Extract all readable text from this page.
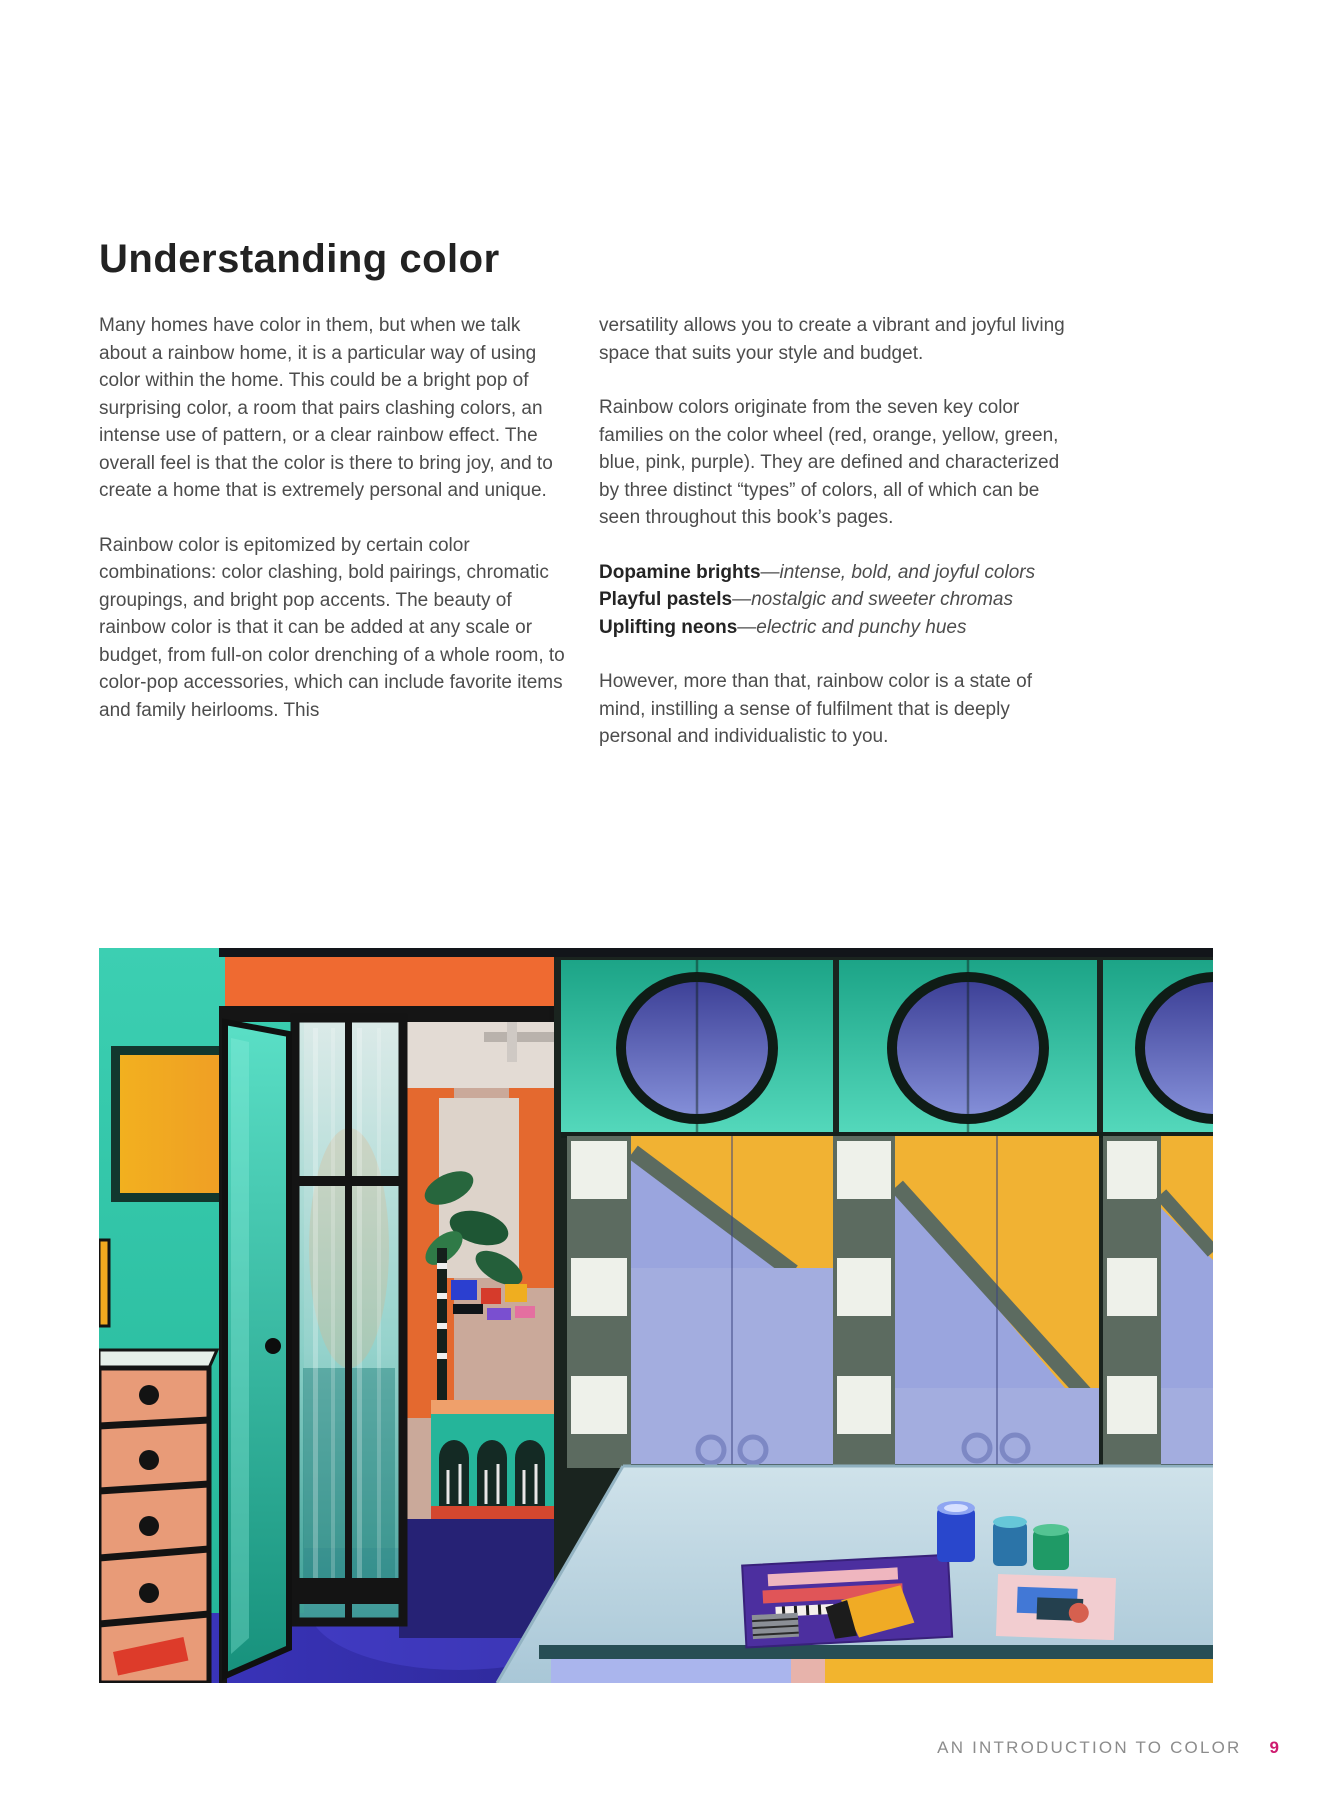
Understanding color

Many homes have color in them, but when we talk about a rainbow home, it is a particular way of using color within the home. This could be a bright pop of surprising color, a room that pairs clashing colors, an intense use of pattern, or a clear rainbow effect. The overall feel is that the color is there to bring joy, and to create a home that is extremely personal and unique.

Rainbow color is epitomized by certain color combinations: color clashing, bold pairings, chromatic groupings, and bright pop accents. The beauty of rainbow color is that it can be added at any scale or budget, from full-on color drenching of a whole room, to color-pop accessories, which can include favorite items and family heirlooms. This

versatility allows you to create a vibrant and joyful living space that suits your style and budget.

Rainbow colors originate from the seven key color families on the color wheel (red, orange, yellow, green, blue, pink, purple). They are defined and characterized by three distinct “types” of colors, all of which can be seen throughout this book’s pages.

Dopamine brights—intense, bold, and joyful colors
Playful pastels—nostalgic and sweeter chromas
Uplifting neons—electric and punchy hues

However, more than that, rainbow color is a state of mind, instilling a sense of fulfilment that is deeply personal and individualistic to you.

AN INTRODUCTION TO COLOR 9
